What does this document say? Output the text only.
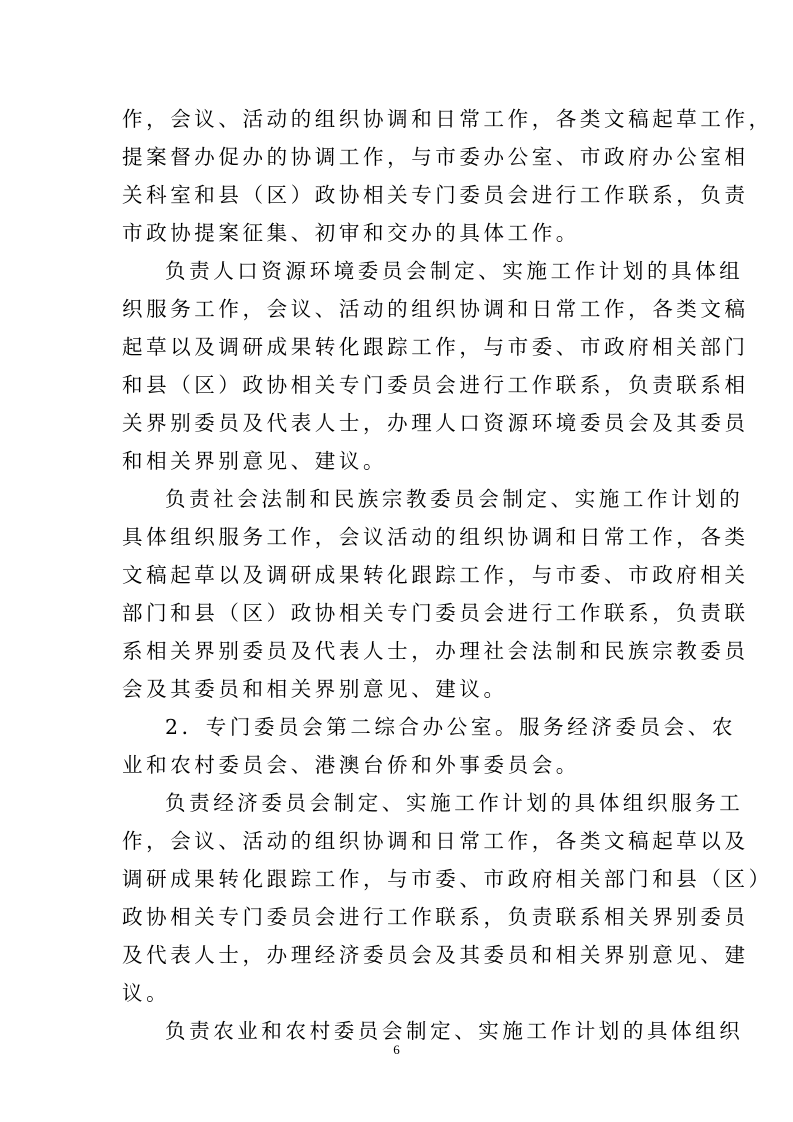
作，会议、活动的组织协调和日常工作，各类文稿起草工作，
提案督办促办的协调工作，与市委办公室、市政府办公室相
关科室和县（区）政协相关专门委员会进行工作联系，负责
市政协提案征集、初审和交办的具体工作。
负责人口资源环境委员会制定、实施工作计划的具体组
织服务工作，会议、活动的组织协调和日常工作，各类文稿
起草以及调研成果转化跟踪工作，与市委、市政府相关部门
和县（区）政协相关专门委员会进行工作联系，负责联系相
关界别委员及代表人士，办理人口资源环境委员会及其委员
和相关界别意见、建议。
负责社会法制和民族宗教委员会制定、实施工作计划的
具体组织服务工作，会议活动的组织协调和日常工作，各类
文稿起草以及调研成果转化跟踪工作，与市委、市政府相关
部门和县（区）政协相关专门委员会进行工作联系，负责联
系相关界别委员及代表人士，办理社会法制和民族宗教委员
会及其委员和相关界别意见、建议。
2．专门委员会第二综合办公室。服务经济委员会、农
业和农村委员会、港澳台侨和外事委员会。
负责经济委员会制定、实施工作计划的具体组织服务工
作，会议、活动的组织协调和日常工作，各类文稿起草以及
调研成果转化跟踪工作，与市委、市政府相关部门和县（区）
政协相关专门委员会进行工作联系，负责联系相关界别委员
及代表人士，办理经济委员会及其委员和相关界别意见、建
议。
负责农业和农村委员会制定、实施工作计划的具体组织
6
